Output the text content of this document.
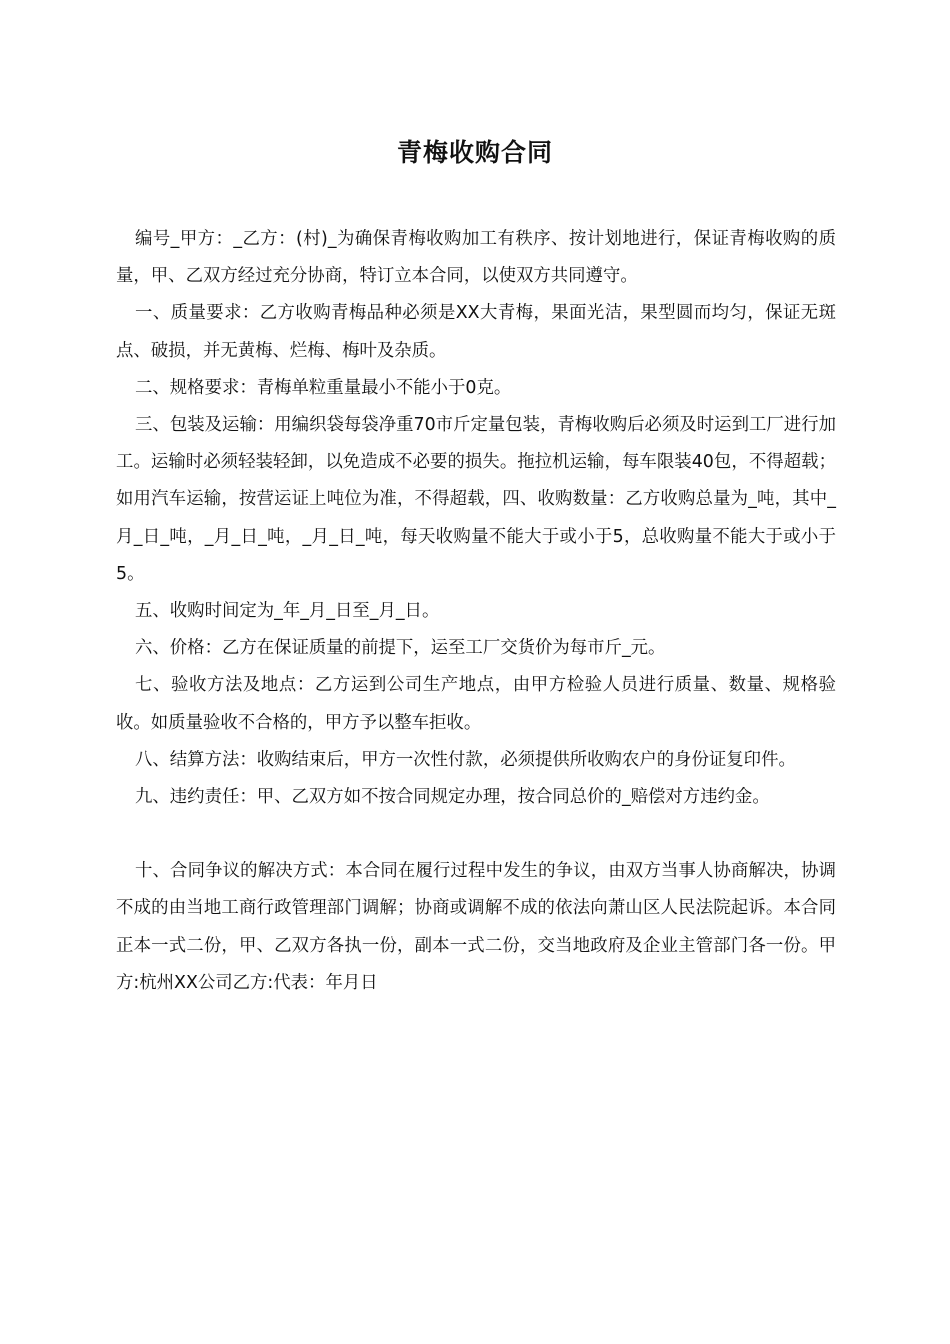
青梅收购合同

编号_甲方：_乙方：(村)_为确保青梅收购加工有秩序、按计划地进行，保证青梅收购的质量，甲、乙双方经过充分协商，特订立本合同，以使双方共同遵守。

一、质量要求：乙方收购青梅品种必须是XX大青梅，果面光洁，果型圆而均匀，保证无斑点、破损，并无黄梅、烂梅、梅叶及杂质。

二、规格要求：青梅单粒重量最小不能小于0克。

三、包装及运输：用编织袋每袋净重70市斤定量包装，青梅收购后必须及时运到工厂进行加工。运输时必须轻装轻卸，以免造成不必要的损失。拖拉机运输，每车限装40包，不得超载；如用汽车运输，按营运证上吨位为准，不得超载，四、收购数量：乙方收购总量为_吨，其中_月_日_吨，_月_日_吨，_月_日_吨，每天收购量不能大于或小于5，总收购量不能大于或小于5。

五、收购时间定为_年_月_日至_月_日。

六、价格：乙方在保证质量的前提下，运至工厂交货价为每市斤_元。

七、验收方法及地点：乙方运到公司生产地点，由甲方检验人员进行质量、数量、规格验收。如质量验收不合格的，甲方予以整车拒收。

八、结算方法：收购结束后，甲方一次性付款，必须提供所收购农户的身份证复印件。

九、违约责任：甲、乙双方如不按合同规定办理，按合同总价的_赔偿对方违约金。

十、合同争议的解决方式：本合同在履行过程中发生的争议，由双方当事人协商解决，协调不成的由当地工商行政管理部门调解；协商或调解不成的依法向萧山区人民法院起诉。本合同正本一式二份，甲、乙双方各执一份，副本一式二份，交当地政府及企业主管部门各一份。甲方:杭州XX公司乙方:代表：年月日
